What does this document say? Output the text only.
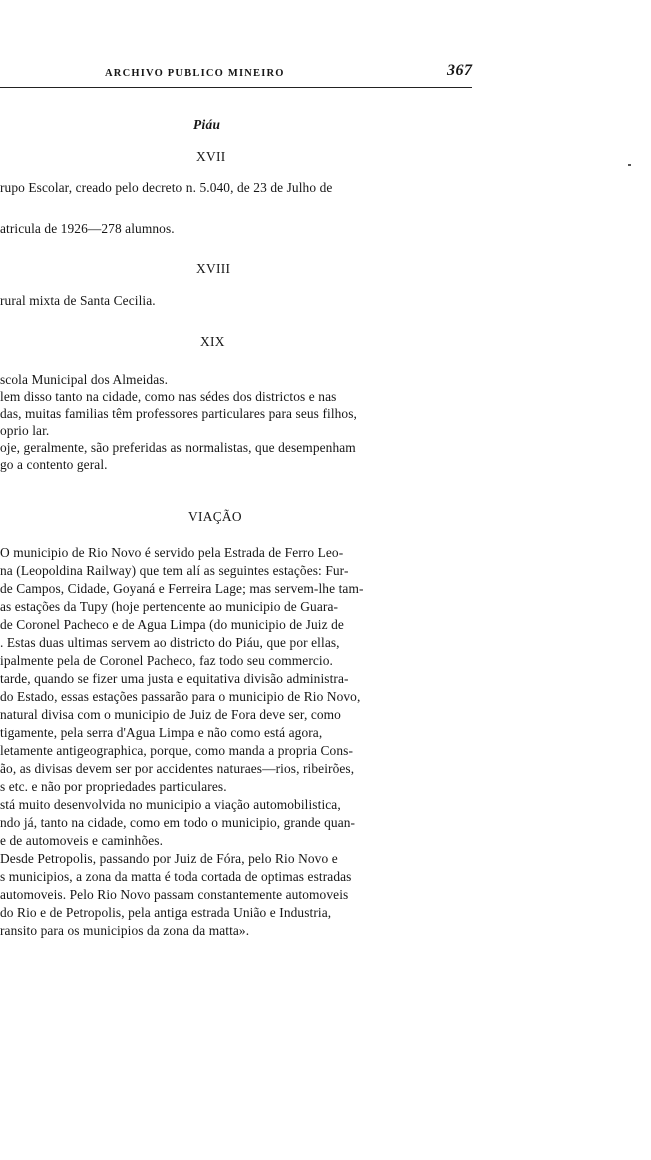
ARCHIVO PUBLICO MINEIRO	367
Piáu
XVII
rupo Escolar, creado pelo decreto n. 5.040, de 23 de Julho de
atricula de 1926—278 alumnos.
XVIII
rural mixta de Santa Cecilia.
XIX
scola Municipal dos Almeidas.
lem disso tanto na cidade, como nas sédes dos districtos e nas
das, muitas familias têm professores particulares para seus filhos,
oprio lar.
oje, geralmente, são preferidas as normalistas, que desempenham
go a contento geral.
VIAÇÃO
O municipio de Rio Novo é servido pela Estrada de Ferro Leo-
na (Leopoldina Railway) que tem alí as seguintes estações: Fur-
de Campos, Cidade, Goyaná e Ferreira Lage; mas servem-lhe tam-
as estações da Tupy (hoje pertencente ao municipio de Guara-
de Coronel Pacheco e de Agua Limpa (do municipio de Juiz de
. Estas duas ultimas servem ao districto do Piáu, que por ellas,
ipalmente pela de Coronel Pacheco, faz todo seu commercio.
tarde, quando se fizer uma justa e equitativa divisão administra-
do Estado, essas estações passarão para o municipio de Rio Novo,
natural divisa com o municipio de Juiz de Fora deve ser, como
tigamente, pela serra d'Agua Limpa e não como está agora,
letamente antigeographica, porque, como manda a propria Cons-
ão, as divisas devem ser por accidentes naturaes—rios, ribeirões,
s etc. e não por propriedades particulares.
stá muito desenvolvida no municipio a viação automobilistica,
ndo já, tanto na cidade, como em todo o municipio, grande quan-
e de automoveis e caminhões.
Desde Petropolis, passando por Juiz de Fóra, pelo Rio Novo e
s municipios, a zona da matta é toda cortada de optimas estradas
automoveis. Pelo Rio Novo passam constantemente automoveis
do Rio e de Petropolis, pela antiga estrada União e Industria,
ransito para os municipios da zona da matta».
